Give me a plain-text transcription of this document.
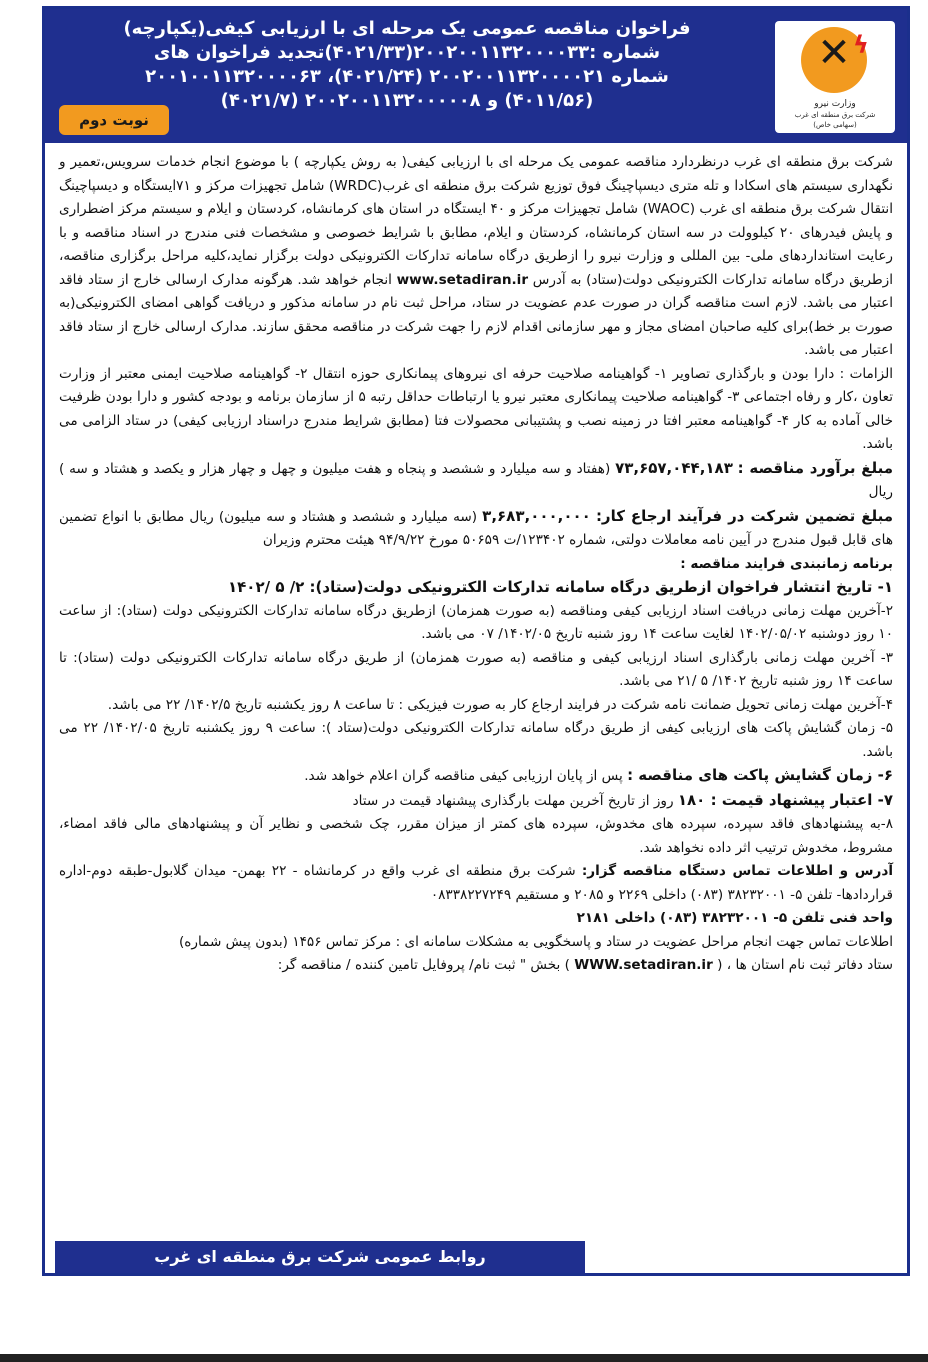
فراخوان مناقصه عمومی یک مرحله ای با ارزیابی کیفی(یکپارچه)
شماره :۲۰۰۲۰۰۱۱۳۲۰۰۰۰۳۳(۴۰۲۱/۳۳)تجدید فراخوان های
شماره ۲۰۰۲۰۰۱۱۳۲۰۰۰۰۲۱ (۴۰۲۱/۲۴)، ۲۰۰۱۰۰۱۱۳۲۰۰۰۰۶۳
(۴۰۱۱/۵۶) و ۲۰۰۲۰۰۱۱۳۲۰۰۰۰۰۸ (۴۰۲۱/۷)
نوبت دوم
✕ ϟ
وزارت نیرو
شرکت برق منطقه ای غرب
(سهامی خاص)

شرکت برق منطقه ای غرب درنظردارد مناقصه عمومی یک مرحله ای با ارزیابی کیفی( به روش یکپارچه ) با موضوع انجام خدمات سرویس،تعمیر و نگهداری سیستم های اسکادا و تله متری دیسپاچینگ فوق توزیع شرکت برق منطقه ای غرب(WRDC) شامل تجهیزات مرکز و ۷۱ایستگاه و دیسپاچینگ انتقال شرکت برق منطقه ای غرب (WAOC) شامل تجهیزات مرکز و ۴۰ ایستگاه در استان های کرمانشاه، کردستان و ایلام و سیستم مرکز اضطراری و پایش فیدرهای ۲۰ کیلوولت در سه استان کرمانشاه، کردستان و ایلام، مطابق با شرایط خصوصی و مشخصات فنی مندرج در اسناد مناقصه و با رعایت استانداردهای ملی- بین المللی و وزارت نیرو را ازطریق درگاه سامانه تدارکات الکترونیکی دولت برگزار نماید،کلیه مراحل برگزاری مناقصه، ازطریق درگاه سامانه تدارکات الکترونیکی دولت(ستاد) به آدرس www.setadiran.ir انجام خواهد شد. هرگونه مدارک ارسالی خارج از ستاد فاقد اعتبار می باشد. لازم است مناقصه گران در صورت عدم عضویت در ستاد، مراحل ثبت نام در سامانه مذکور و دریافت گواهی امضای الکترونیکی(به صورت بر خط)برای کلیه صاحبان امضای مجاز و مهر سازمانی اقدام لازم را جهت شرکت در مناقصه محقق سازند. مدارک ارسالی خارج از ستاد فاقد اعتبار می باشد.

الزامات : دارا بودن و بارگذاری تصاویر ۱- گواهینامه صلاحیت حرفه ای نیروهای پیمانکاری حوزه انتقال ۲- گواهینامه صلاحیت ایمنی معتبر از وزارت تعاون ،کار و رفاه اجتماعی ۳- گواهینامه صلاحیت پیمانکاری معتبر نیرو یا ارتباطات حداقل رتبه ۵ از سازمان برنامه و بودجه کشور و دارا بودن ظرفیت خالی آماده به کار ۴- گواهینامه معتبر افتا در زمینه نصب و پشتیبانی محصولات فتا (مطابق شرایط مندرج دراسناد ارزیابی کیفی) در ستاد الزامی می باشد.

مبلغ برآورد مناقصه : ۷۳,۶۵۷,۰۴۴,۱۸۳ (هفتاد و سه میلیارد و ششصد و پنجاه و هفت میلیون و چهل و چهار هزار و یکصد و هشتاد و سه ) ریال

مبلغ تضمین شرکت در فرآیند ارجاع کار: ۳,۶۸۳,۰۰۰,۰۰۰ (سه میلیارد و ششصد و هشتاد و سه میلیون) ریال مطابق با انواع تضمین های قابل قبول مندرج در آیین نامه معاملات دولتی، شماره ۱۲۳۴۰۲/ت ۵۰۶۵۹ مورخ ۹۴/۹/۲۲ هیئت محترم وزیران

برنامه زمانبندی فرایند مناقصه :

۱- تاریخ انتشار فراخوان ازطریق درگاه سامانه تدارکات الکترونیکی دولت(ستاد): ۲/ ۵ /۱۴۰۲

۲-آخرین مهلت زمانی دریافت اسناد ارزیابی کیفی ومناقصه (به صورت همزمان) ازطریق درگاه سامانه تدارکات الکترونیکی دولت (ستاد): از ساعت ۱۰ روز دوشنبه ۱۴۰۲/۰۵/۰۲ لغایت ساعت ۱۴ روز شنبه تاریخ ۱۴۰۲/۰۵/ ۰۷ می باشد.

۳- آخرین مهلت زمانی بارگذاری اسناد ارزیابی کیفی و مناقصه (به صورت همزمان) از طریق درگاه سامانه تدارکات الکترونیکی دولت (ستاد): تا ساعت ۱۴ روز شنبه تاریخ ۱۴۰۲/ ۵ /۲۱ می باشد.

۴-آخرین مهلت زمانی تحویل ضمانت نامه شرکت در فرایند ارجاع کار به صورت فیزیکی : تا ساعت ۸ روز یکشنبه تاریخ ۱۴۰۲/۵/ ۲۲ می باشد.

۵- زمان گشایش پاکت های ارزیابی کیفی از طریق درگاه سامانه تدارکات الکترونیکی دولت(ستاد ): ساعت ۹ روز یکشنبه تاریخ ۱۴۰۲/۰۵/ ۲۲ می باشد.

۶- زمان گشایش پاکت های مناقصه : پس از پایان ارزیابی کیفی مناقصه گران اعلام خواهد شد.

۷- اعتبار پیشنهاد قیمت : ۱۸۰ روز از تاریخ آخرین مهلت بارگذاری پیشنهاد قیمت در ستاد

۸-به پیشنهادهای فاقد سپرده، سپرده های مخدوش، سپرده های کمتر از میزان مقرر، چک شخصی و نظایر آن و پیشنهادهای مالی فاقد امضاء، مشروط، مخدوش ترتیب اثر داده نخواهد شد.

آدرس و اطلاعات تماس دستگاه مناقصه گزار: شرکت برق منطقه ای غرب واقع در کرمانشاه - ۲۲ بهمن- میدان گلابول-طبقه دوم-اداره قراردادها- تلفن ۵- ۳۸۲۳۲۰۰۱ (۰۸۳) داخلی ۲۲۶۹ و ۲۰۸۵ و مستقیم ۰۸۳۳۸۲۲۷۲۴۹

واحد فنی تلفن ۵- ۳۸۲۳۲۰۰۱ (۰۸۳) داخلی ۲۱۸۱

اطلاعات تماس جهت انجام مراحل عضویت در ستاد و پاسخگویی به مشکلات سامانه ای : مرکز تماس ۱۴۵۶ (بدون پیش شماره)

ستاد دفاتر ثبت نام استان ها ، ( WWW.setadiran.ir ) بخش " ثبت نام/ پروفایل تامین کننده / مناقصه گر:

روابط عمومی شرکت برق منطقه ای غرب
